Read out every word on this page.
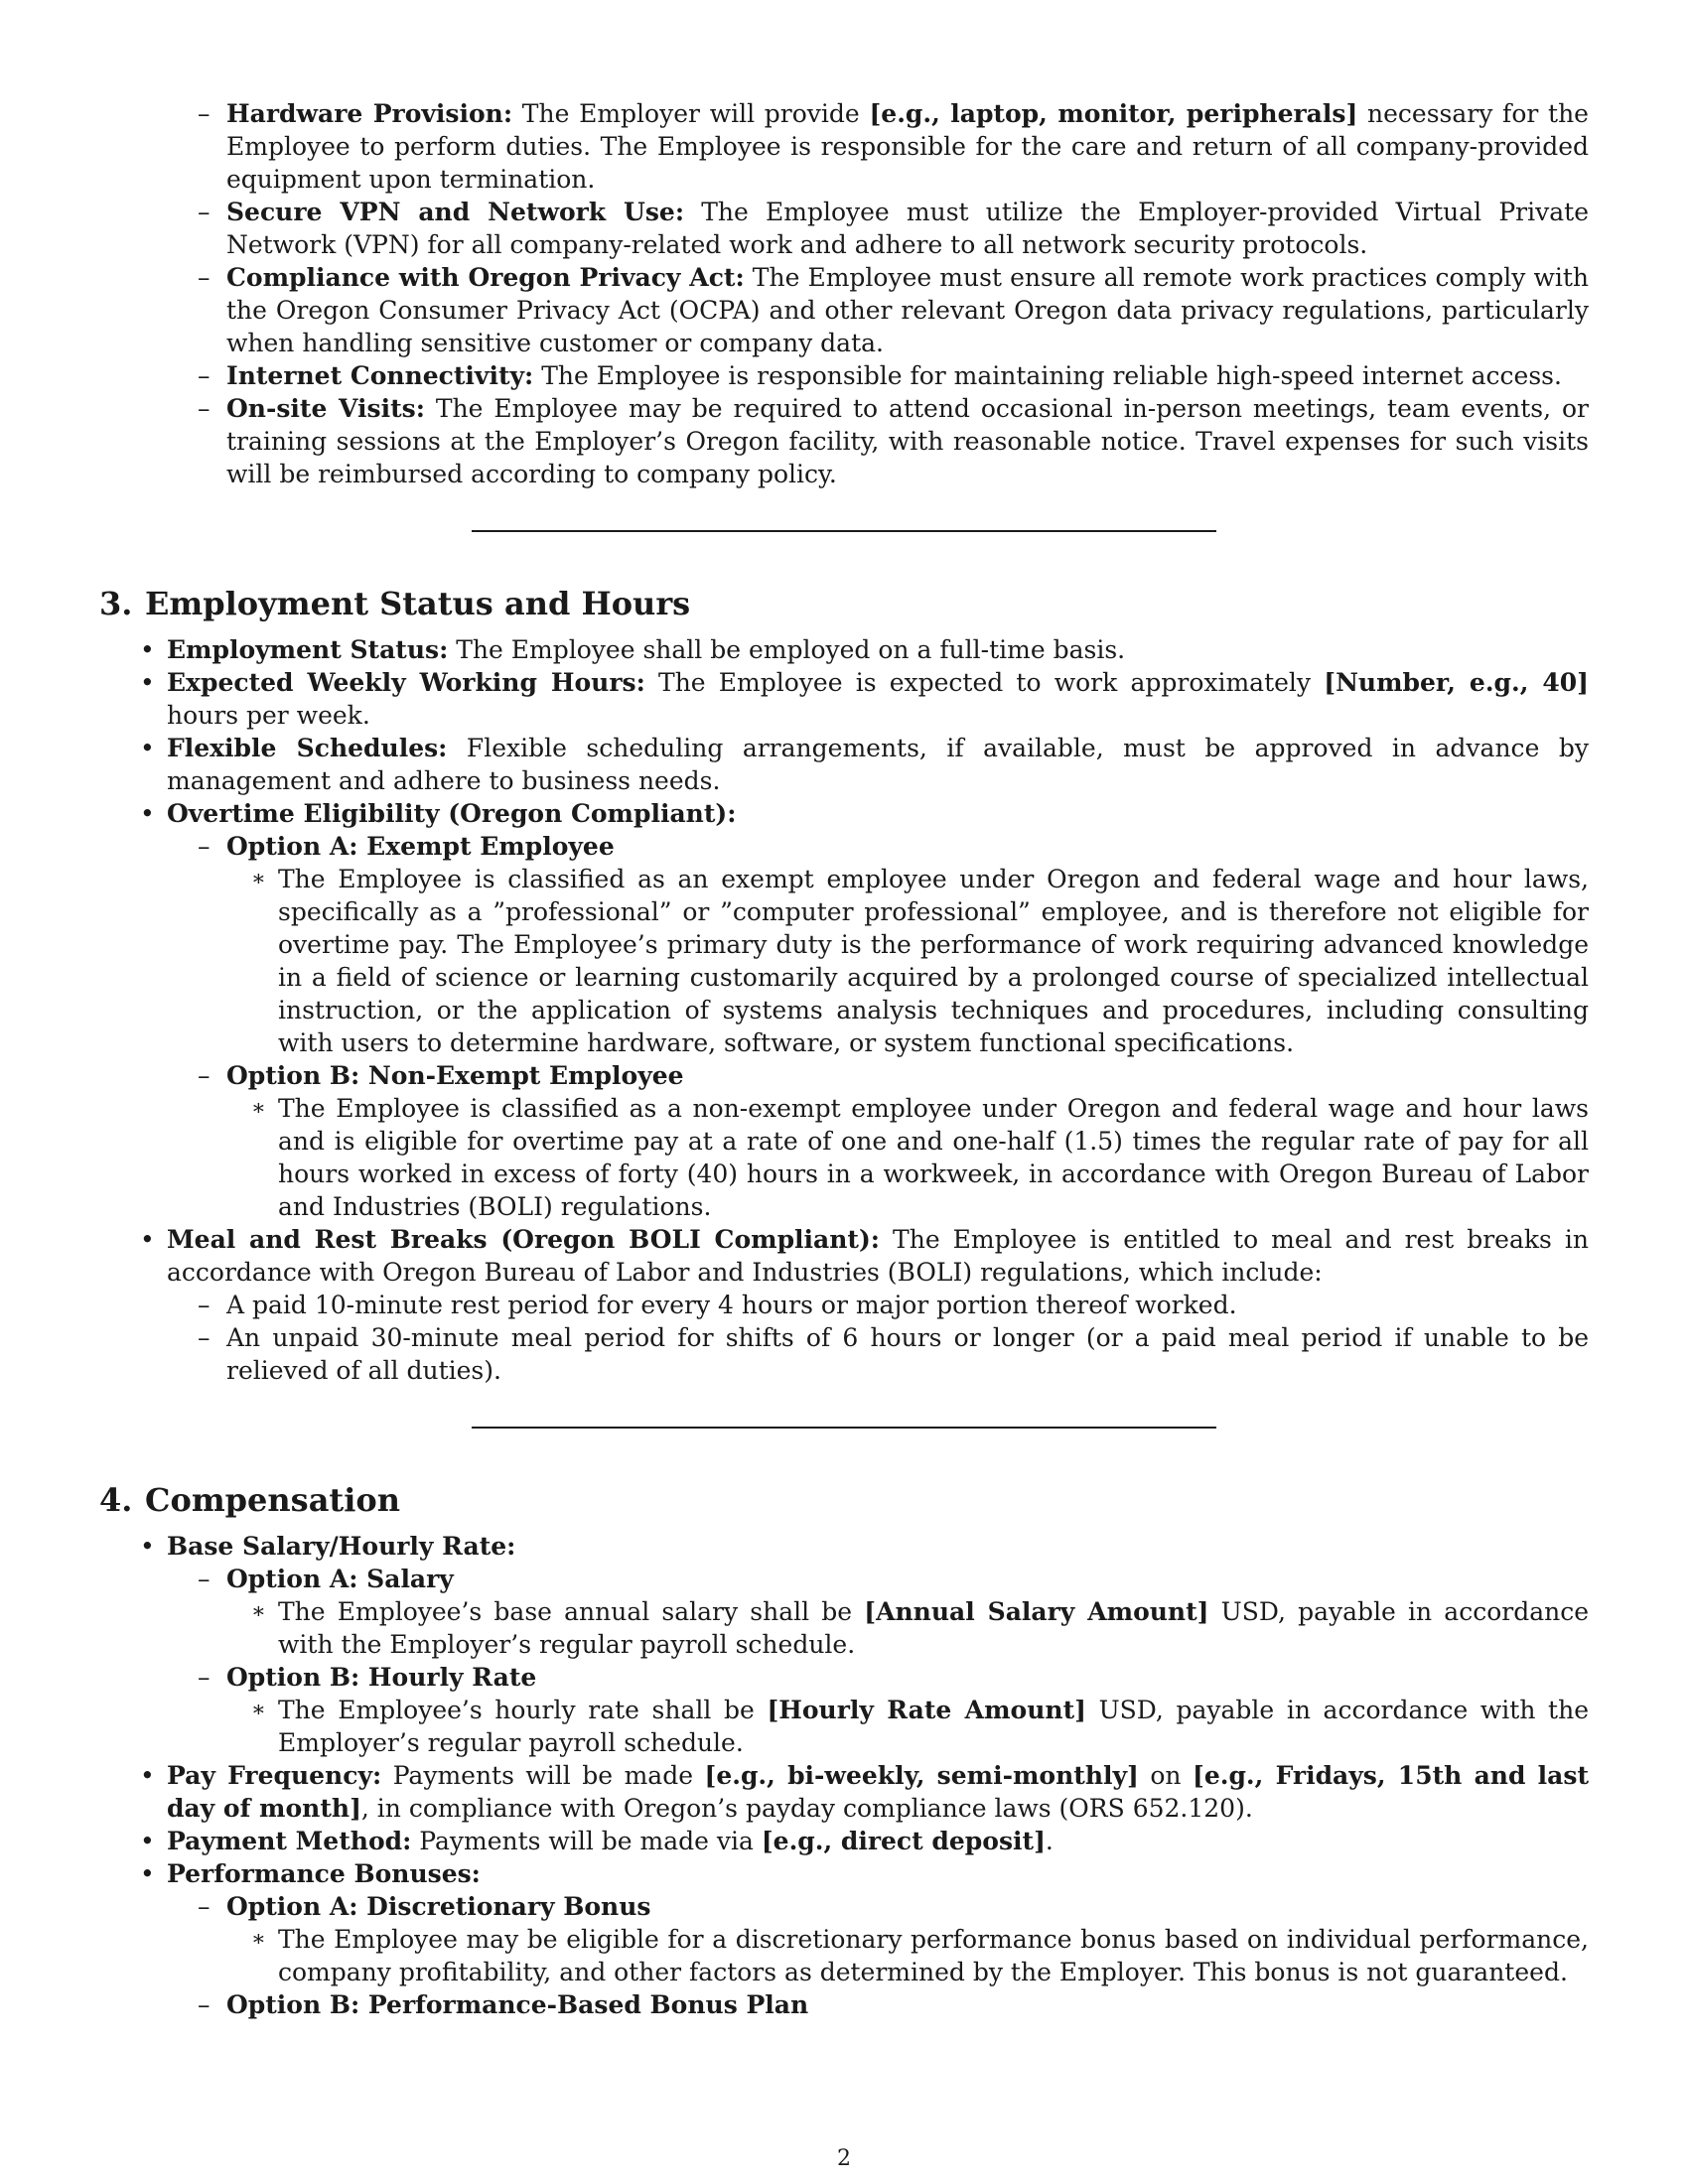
– Hardware Provision: The Employer will provide [e.g., laptop, monitor, peripherals] necessary for the Employee to perform duties. The Employee is responsible for the care and return of all company-provided equipment upon termination.
– Secure VPN and Network Use: The Employee must utilize the Employer-provided Virtual Private Network (VPN) for all company-related work and adhere to all network security protocols.
– Compliance with Oregon Privacy Act: The Employee must ensure all remote work practices comply with the Oregon Consumer Privacy Act (OCPA) and other relevant Oregon data privacy regulations, particularly when handling sensitive customer or company data.
– Internet Connectivity: The Employee is responsible for maintaining reliable high-speed internet access.
– On-site Visits: The Employee may be required to attend occasional in-person meetings, team events, or training sessions at the Employer’s Oregon facility, with reasonable notice. Travel expenses for such visits will be reimbursed according to company policy.
3. Employment Status and Hours
• Employment Status: The Employee shall be employed on a full-time basis.
• Expected Weekly Working Hours: The Employee is expected to work approximately [Number, e.g., 40] hours per week.
• Flexible Schedules: Flexible scheduling arrangements, if available, must be approved in advance by management and adhere to business needs.
• Overtime Eligibility (Oregon Compliant):
– Option A: Exempt Employee
∗ The Employee is classified as an exempt employee under Oregon and federal wage and hour laws, specifically as a ”professional” or ”computer professional” employee, and is therefore not eligible for overtime pay. The Employee’s primary duty is the performance of work requiring advanced knowledge in a field of science or learning customarily acquired by a prolonged course of specialized intellectual instruction, or the application of systems analysis techniques and procedures, including consulting with users to determine hardware, software, or system functional specifications.
– Option B: Non-Exempt Employee
∗ The Employee is classified as a non-exempt employee under Oregon and federal wage and hour laws and is eligible for overtime pay at a rate of one and one-half (1.5) times the regular rate of pay for all hours worked in excess of forty (40) hours in a workweek, in accordance with Oregon Bureau of Labor and Industries (BOLI) regulations.
• Meal and Rest Breaks (Oregon BOLI Compliant): The Employee is entitled to meal and rest breaks in accordance with Oregon Bureau of Labor and Industries (BOLI) regulations, which include:
– A paid 10-minute rest period for every 4 hours or major portion thereof worked.
– An unpaid 30-minute meal period for shifts of 6 hours or longer (or a paid meal period if unable to be relieved of all duties).
4. Compensation
• Base Salary/Hourly Rate:
– Option A: Salary
∗ The Employee’s base annual salary shall be [Annual Salary Amount] USD, payable in accordance with the Employer’s regular payroll schedule.
– Option B: Hourly Rate
∗ The Employee’s hourly rate shall be [Hourly Rate Amount] USD, payable in accordance with the Employer’s regular payroll schedule.
• Pay Frequency: Payments will be made [e.g., bi-weekly, semi-monthly] on [e.g., Fridays, 15th and last day of month], in compliance with Oregon’s payday compliance laws (ORS 652.120).
• Payment Method: Payments will be made via [e.g., direct deposit].
• Performance Bonuses:
– Option A: Discretionary Bonus
∗ The Employee may be eligible for a discretionary performance bonus based on individual performance, company profitability, and other factors as determined by the Employer. This bonus is not guaranteed.
– Option B: Performance-Based Bonus Plan
2
